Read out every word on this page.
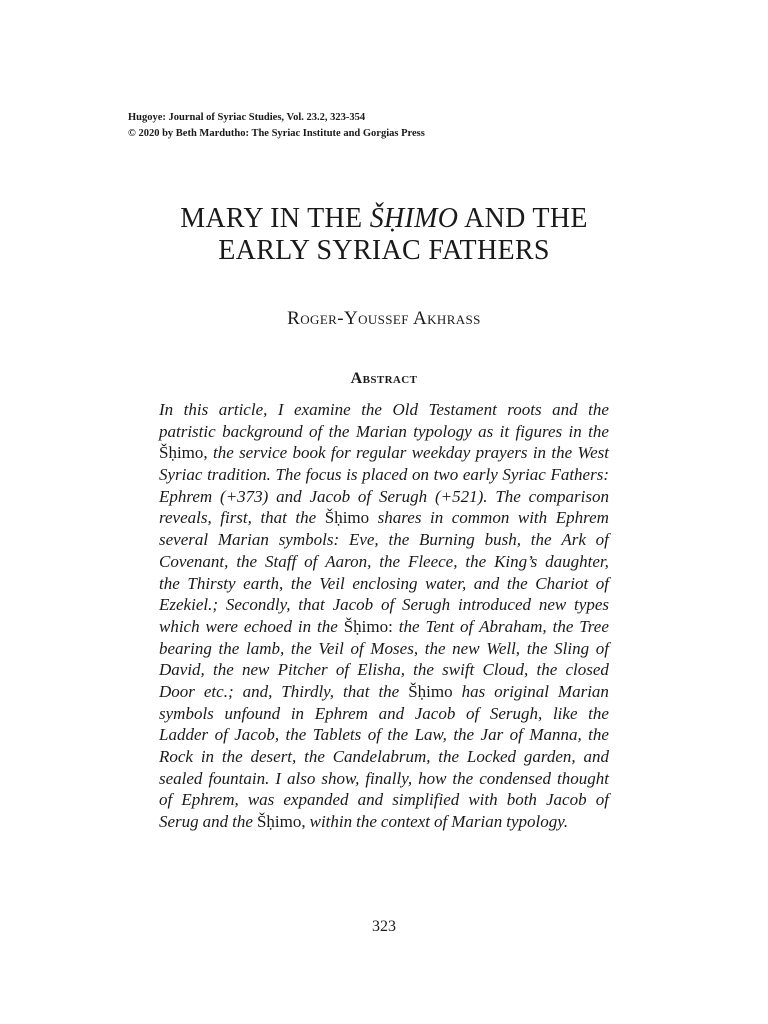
Hugoye: Journal of Syriac Studies, Vol. 23.2, 323-354
© 2020 by Beth Mardutho: The Syriac Institute and Gorgias Press
MARY IN THE ŠḤIMO AND THE
EARLY SYRIAC FATHERS
Roger-Youssef Akhrass
Abstract
In this article, I examine the Old Testament roots and the
patristic background of the Marian typology as it figures in the
Šḥimo, the service book for regular weekday prayers in the West
Syriac tradition. The focus is placed on two early Syriac Fathers:
Ephrem (+373) and Jacob of Serugh (+521). The comparison
reveals, first, that the Šḥimo shares in common with Ephrem
several Marian symbols: Eve, the Burning bush, the Ark of
Covenant, the Staff of Aaron, the Fleece, the King’s daughter,
the Thirsty earth, the Veil enclosing water, and the Chariot of
Ezekiel.; Secondly, that Jacob of Serugh introduced new types
which were echoed in the Šḥimo: the Tent of Abraham, the Tree
bearing the lamb, the Veil of Moses, the new Well, the Sling of
David, the new Pitcher of Elisha, the swift Cloud, the closed
Door etc.; and, Thirdly, that the Šḥimo has original Marian
symbols unfound in Ephrem and Jacob of Serugh, like the
Ladder of Jacob, the Tablets of the Law, the Jar of Manna, the
Rock in the desert, the Candelabrum, the Locked garden, and
sealed fountain. I also show, finally, how the condensed thought
of Ephrem, was expanded and simplified with both Jacob of
Serug and the Šḥimo, within the context of Marian typology.
323
